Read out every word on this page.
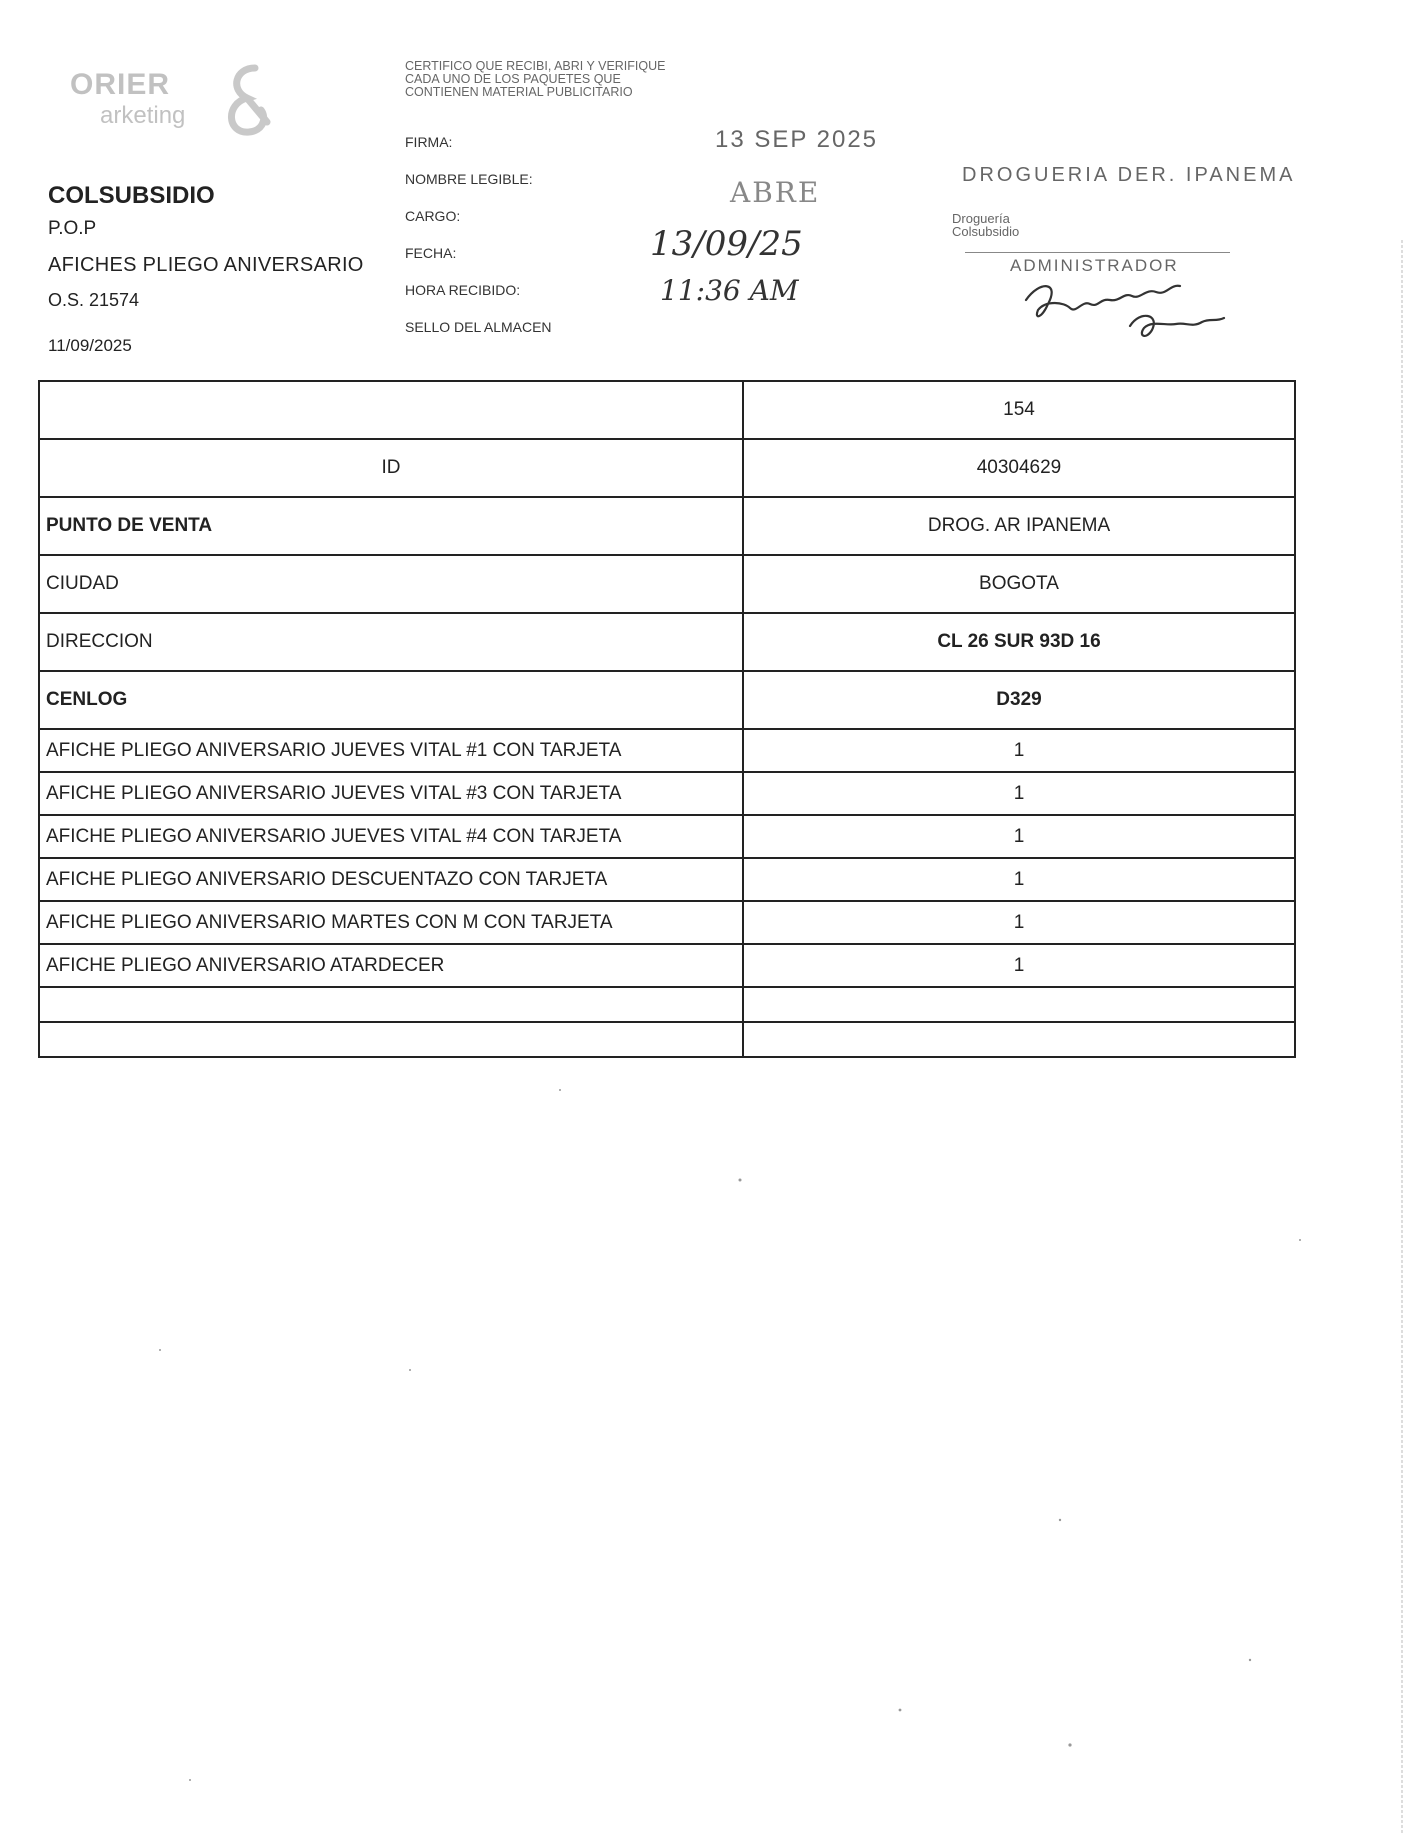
ORIER
arketing
COLSUBSIDIO
P.O.P
AFICHES PLIEGO ANIVERSARIO
O.S. 21574
11/09/2025
CERTIFICO QUE RECIBI, ABRI Y VERIFIQUE
CADA UNO DE LOS PAQUETES QUE
CONTIENEN MATERIAL PUBLICITARIO
FIRMA:
NOMBRE LEGIBLE:
CARGO:
FECHA:
HORA RECIBIDO:
SELLO DEL ALMACEN
13 SEP 2025
ABRE
13/09/25
11:36 AM
DROGUERIA DER. IPANEMA
Droguería
Colsubsidio
ADMINISTRADOR
	154
ID	40304629
PUNTO DE VENTA	DROG. AR IPANEMA
CIUDAD	BOGOTA
DIRECCION	CL 26 SUR 93D 16
CENLOG	D329
AFICHE PLIEGO ANIVERSARIO JUEVES VITAL #1 CON TARJETA	1
AFICHE PLIEGO ANIVERSARIO JUEVES VITAL #3 CON TARJETA	1
AFICHE PLIEGO ANIVERSARIO JUEVES VITAL #4 CON TARJETA	1
AFICHE PLIEGO ANIVERSARIO DESCUENTAZO CON TARJETA	1
AFICHE PLIEGO ANIVERSARIO MARTES CON M CON TARJETA	1
AFICHE PLIEGO ANIVERSARIO ATARDECER	1
